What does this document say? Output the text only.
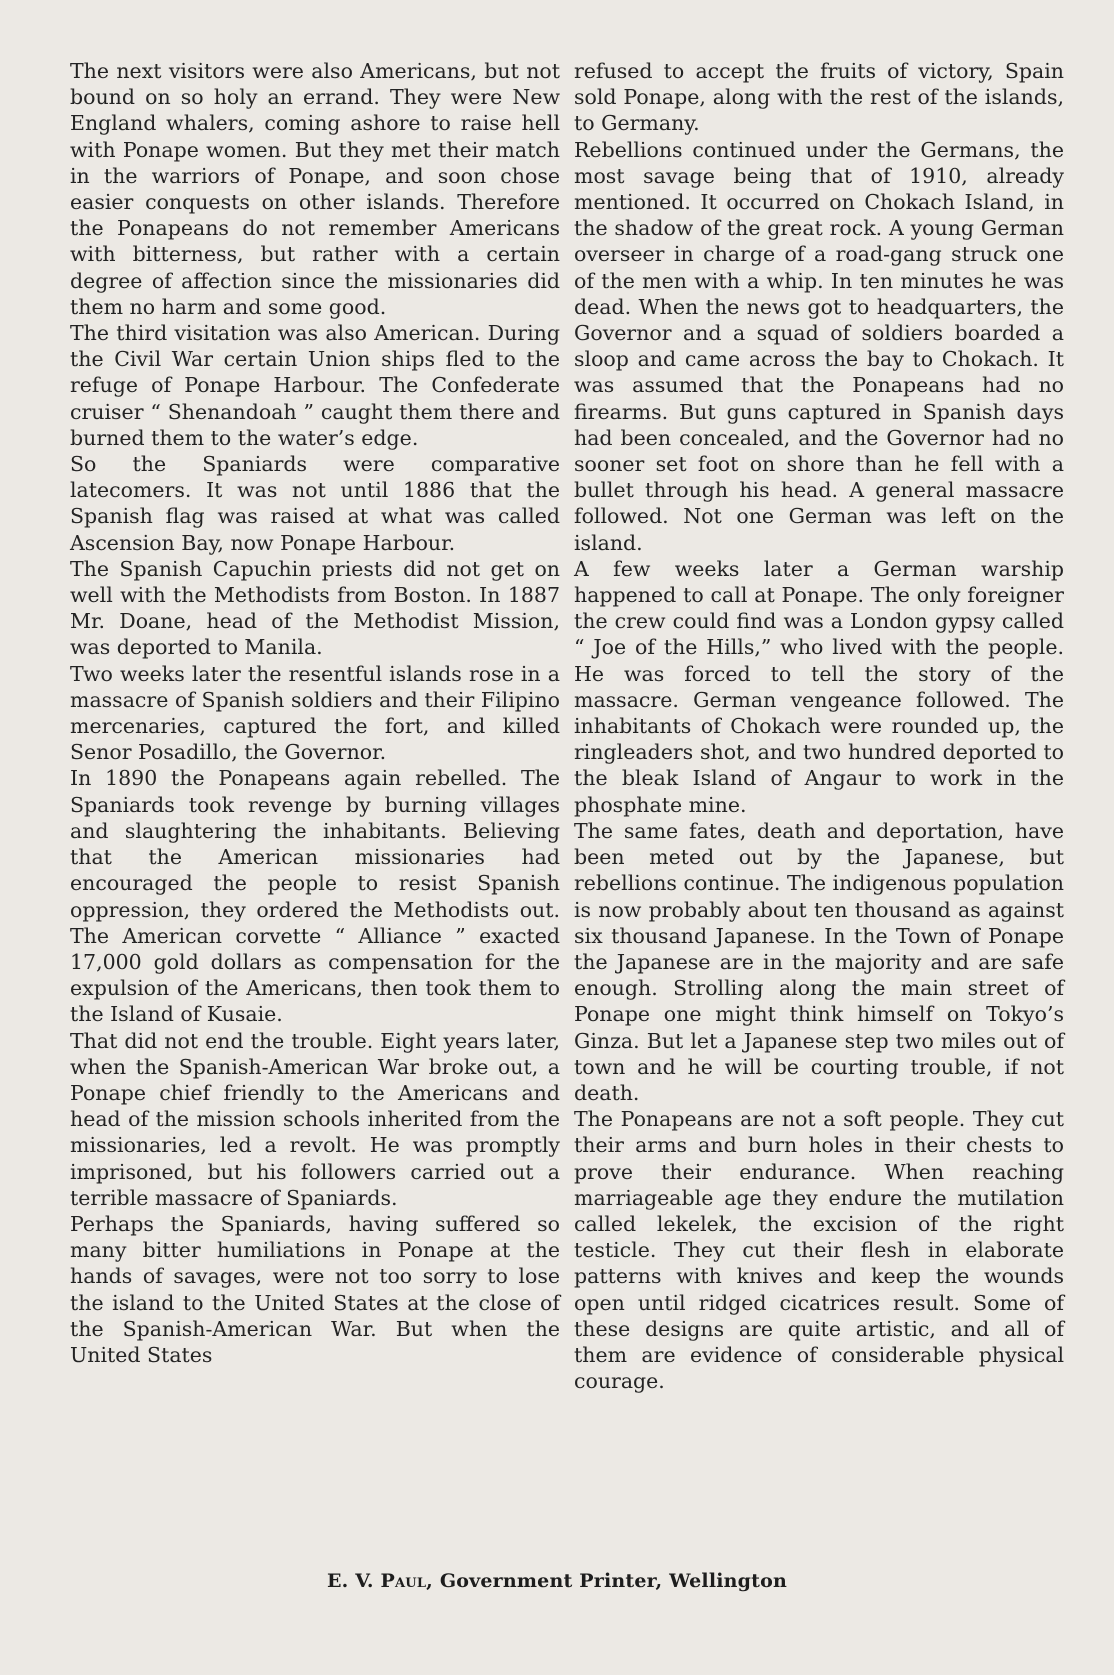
The next visitors were also Americans, but not bound on so holy an errand. They were New England whalers, coming ashore to raise hell with Ponape women. But they met their match in the warriors of Ponape, and soon chose easier conquests on other islands. Therefore the Ponapeans do not remember Americans with bitterness, but rather with a certain degree of affection since the missionaries did them no harm and some good.

The third visitation was also American. During the Civil War certain Union ships fled to the refuge of Ponape Harbour. The Confederate cruiser “ Shenandoah ” caught them there and burned them to the water’s edge.

So the Spaniards were comparative latecomers. It was not until 1886 that the Spanish flag was raised at what was called Ascension Bay, now Ponape Harbour.

The Spanish Capuchin priests did not get on well with the Methodists from Boston. In 1887 Mr. Doane, head of the Methodist Mission, was deported to Manila.

Two weeks later the resentful islands rose in a massacre of Spanish soldiers and their Filipino mercenaries, captured the fort, and killed Senor Posadillo, the Governor.

In 1890 the Ponapeans again rebelled. The Spaniards took revenge by burning villages and slaughtering the inhabitants. Believing that the American missionaries had encouraged the people to resist Spanish oppression, they ordered the Methodists out. The American corvette “ Alliance ” exacted 17,000 gold dollars as compensation for the expulsion of the Americans, then took them to the Island of Kusaie.

That did not end the trouble. Eight years later, when the Spanish-American War broke out, a Ponape chief friendly to the Americans and head of the mission schools inherited from the missionaries, led a revolt. He was promptly imprisoned, but his followers carried out a terrible massacre of Spaniards.

Perhaps the Spaniards, having suffered so many bitter humiliations in Ponape at the hands of savages, were not too sorry to lose the island to the United States at the close of the Spanish-American War. But when the United States

refused to accept the fruits of victory, Spain sold Ponape, along with the rest of the islands, to Germany.

Rebellions continued under the Germans, the most savage being that of 1910, already mentioned. It occurred on Chokach Island, in the shadow of the great rock. A young German overseer in charge of a road-gang struck one of the men with a whip. In ten minutes he was dead. When the news got to headquarters, the Governor and a squad of soldiers boarded a sloop and came across the bay to Chokach. It was assumed that the Ponapeans had no firearms. But guns captured in Spanish days had been concealed, and the Governor had no sooner set foot on shore than he fell with a bullet through his head. A general massacre followed. Not one German was left on the island.

A few weeks later a German warship happened to call at Ponape. The only foreigner the crew could find was a London gypsy called “ Joe of the Hills,” who lived with the people. He was forced to tell the story of the massacre. German vengeance followed. The inhabitants of Chokach were rounded up, the ringleaders shot, and two hundred deported to the bleak Island of Angaur to work in the phosphate mine.

The same fates, death and deportation, have been meted out by the Japanese, but rebellions continue. The indigenous population is now probably about ten thousand as against six thousand Japanese. In the Town of Ponape the Japanese are in the majority and are safe enough. Strolling along the main street of Ponape one might think himself on Tokyo’s Ginza. But let a Japanese step two miles out of town and he will be courting trouble, if not death.

The Ponapeans are not a soft people. They cut their arms and burn holes in their chests to prove their endurance. When reaching marriageable age they endure the mutilation called lekelek, the excision of the right testicle. They cut their flesh in elaborate patterns with knives and keep the wounds open until ridged cicatrices result. Some of these designs are quite artistic, and all of them are evidence of considerable physical courage.

E. V. Paul, Government Printer, Wellington
